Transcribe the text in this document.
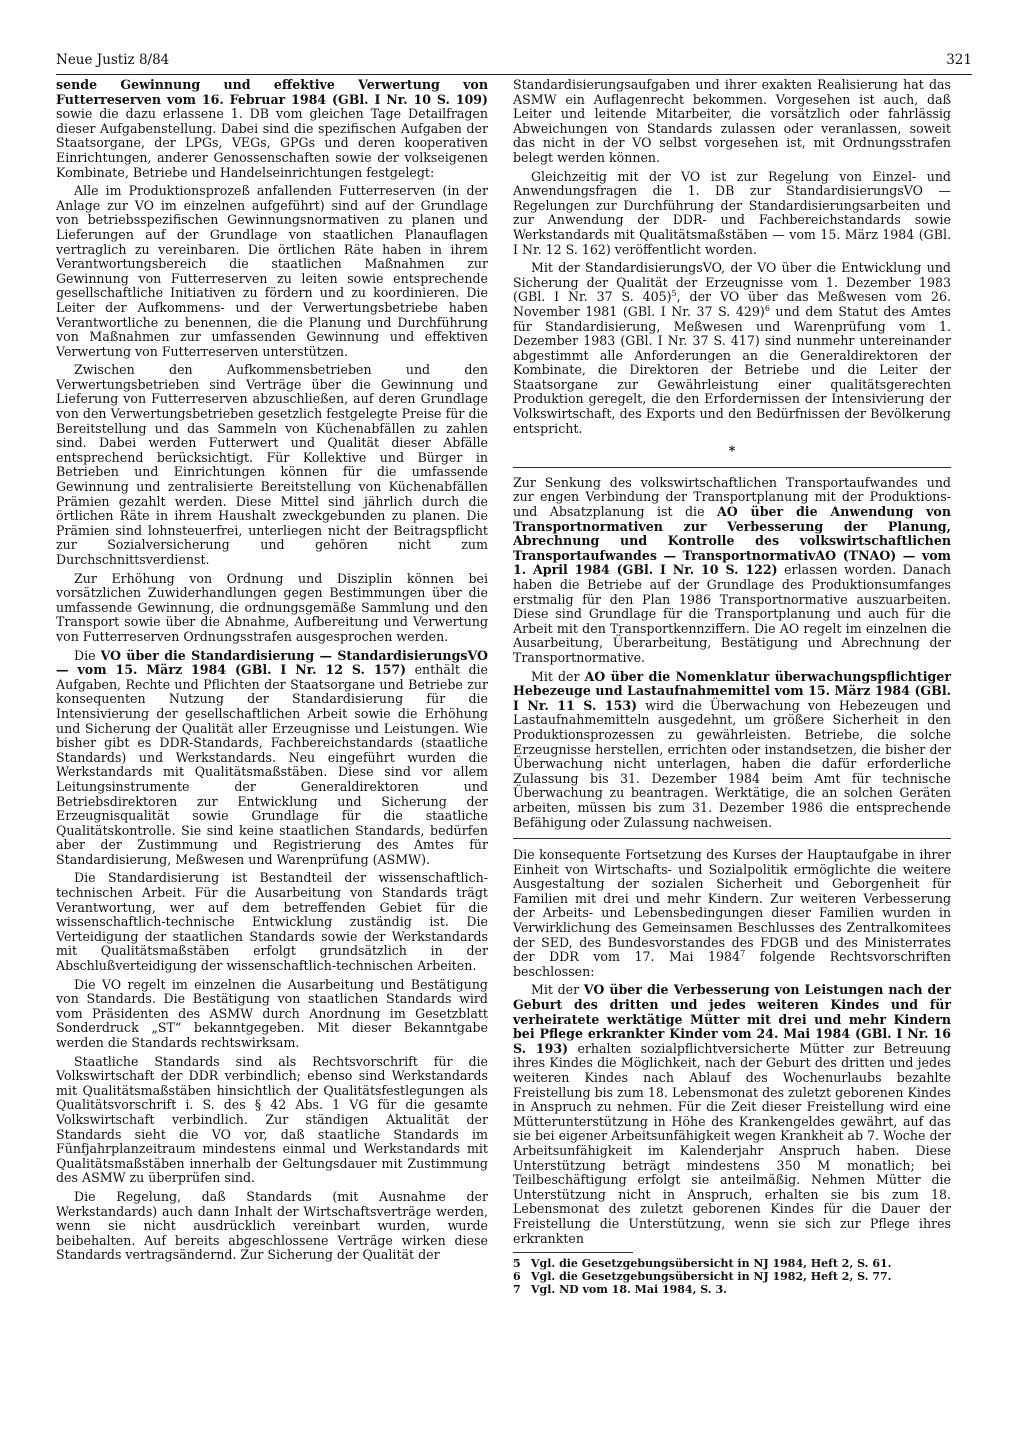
Neue Justiz 8/84	321

sende Gewinnung und effektive Verwertung von Futterreserven vom 16. Februar 1984 (GBl. I Nr. 10 S. 109) sowie die dazu erlassene 1. DB vom gleichen Tage Detailfragen dieser Aufgabenstellung. Dabei sind die spezifischen Aufgaben der Staatsorgane, der LPGs, VEGs, GPGs und deren kooperativen Einrichtungen, anderer Genossenschaften sowie der volkseigenen Kombinate, Betriebe und Handelseinrichtungen festgelegt:

Alle im Produktionsprozeß anfallenden Futterreserven (in der Anlage zur VO im einzelnen aufgeführt) sind auf der Grundlage von betriebsspezifischen Gewinnungsnormativen zu planen und Lieferungen auf der Grundlage von staatlichen Planauflagen vertraglich zu vereinbaren. Die örtlichen Räte haben in ihrem Verantwortungsbereich die staatlichen Maßnahmen zur Gewinnung von Futterreserven zu leiten sowie entsprechende gesellschaftliche Initiativen zu fördern und zu koordinieren. Die Leiter der Aufkommens- und der Verwertungsbetriebe haben Verantwortliche zu benennen, die die Planung und Durchführung von Maßnahmen zur umfassenden Gewinnung und effektiven Verwertung von Futterreserven unterstützen.

Zwischen den Aufkommensbetrieben und den Verwertungsbetrieben sind Verträge über die Gewinnung und Lieferung von Futterreserven abzuschließen, auf deren Grundlage von den Verwertungsbetrieben gesetzlich festgelegte Preise für die Bereitstellung und das Sammeln von Küchenabfällen zu zahlen sind. Dabei werden Futterwert und Qualität dieser Abfälle entsprechend berücksichtigt. Für Kollektive und Bürger in Betrieben und Einrichtungen können für die umfassende Gewinnung und zentralisierte Bereitstellung von Küchenabfällen Prämien gezahlt werden. Diese Mittel sind jährlich durch die örtlichen Räte in ihrem Haushalt zweckgebunden zu planen. Die Prämien sind lohnsteuerfrei, unterliegen nicht der Beitragspflicht zur Sozialversicherung und gehören nicht zum Durchschnittsverdienst.

Zur Erhöhung von Ordnung und Disziplin können bei vorsätzlichen Zuwiderhandlungen gegen Bestimmungen über die umfassende Gewinnung, die ordnungsgemäße Sammlung und den Transport sowie über die Abnahme, Aufbereitung und Verwertung von Futterreserven Ordnungsstrafen ausgesprochen werden.

Die VO über die Standardisierung — StandardisierungsVO — vom 15. März 1984 (GBl. I Nr. 12 S. 157) enthält die Aufgaben, Rechte und Pflichten der Staatsorgane und Betriebe zur konsequenten Nutzung der Standardisierung für die Intensivierung der gesellschaftlichen Arbeit sowie die Erhöhung und Sicherung der Qualität aller Erzeugnisse und Leistungen. Wie bisher gibt es DDR-Standards, Fachbereichstandards (staatliche Standards) und Werkstandards. Neu eingeführt wurden die Werkstandards mit Qualitätsmaßstäben. Diese sind vor allem Leitungsinstrumente der Generaldirektoren und Betriebsdirektoren zur Entwicklung und Sicherung der Erzeugnisqualität sowie Grundlage für die staatliche Qualitätskontrolle. Sie sind keine staatlichen Standards, bedürfen aber der Zustimmung und Registrierung des Amtes für Standardisierung, Meßwesen und Warenprüfung (ASMW).

Die Standardisierung ist Bestandteil der wissenschaftlich-technischen Arbeit. Für die Ausarbeitung von Standards trägt Verantwortung, wer auf dem betreffenden Gebiet für die wissenschaftlich-technische Entwicklung zuständig ist. Die Verteidigung der staatlichen Standards sowie der Werkstandards mit Qualitätsmaßstäben erfolgt grundsätzlich in der Abschlußverteidigung der wissenschaftlich-technischen Arbeiten.

Die VO regelt im einzelnen die Ausarbeitung und Bestätigung von Standards. Die Bestätigung von staatlichen Standards wird vom Präsidenten des ASMW durch Anordnung im Gesetzblatt Sonderdruck „ST“ bekanntgegeben. Mit dieser Bekanntgabe werden die Standards rechtswirksam.

Staatliche Standards sind als Rechtsvorschrift für die Volkswirtschaft der DDR verbindlich; ebenso sind Werkstandards mit Qualitätsmaßstäben hinsichtlich der Qualitätsfestlegungen als Qualitätsvorschrift i. S. des § 42 Abs. 1 VG für die gesamte Volkswirtschaft verbindlich. Zur ständigen Aktualität der Standards sieht die VO vor, daß staatliche Standards im Fünfjahrplanzeitraum mindestens einmal und Werkstandards mit Qualitätsmaßstäben innerhalb der Geltungsdauer mit Zustimmung des ASMW zu überprüfen sind.

Die Regelung, daß Standards (mit Ausnahme der Werkstandards) auch dann Inhalt der Wirtschaftsverträge werden, wenn sie nicht ausdrücklich vereinbart wurden, wurde beibehalten. Auf bereits abgeschlossene Verträge wirken diese Standards vertragsändernd. Zur Sicherung der Qualität der

Standardisierungsaufgaben und ihrer exakten Realisierung hat das ASMW ein Auflagenrecht bekommen. Vorgesehen ist auch, daß Leiter und leitende Mitarbeiter, die vorsätzlich oder fahrlässig Abweichungen von Standards zulassen oder veranlassen, soweit das nicht in der VO selbst vorgesehen ist, mit Ordnungsstrafen belegt werden können.

Gleichzeitig mit der VO ist zur Regelung von Einzel- und Anwendungsfragen die 1. DB zur StandardisierungsVO — Regelungen zur Durchführung der Standardisierungsarbeiten und zur Anwendung der DDR- und Fachbereichstandards sowie Werkstandards mit Qualitätsmaßstäben — vom 15. März 1984 (GBl. I Nr. 12 S. 162) veröffentlicht worden.

Mit der StandardisierungsVO, der VO über die Entwicklung und Sicherung der Qualität der Erzeugnisse vom 1. Dezember 1983 (GBl. I Nr. 37 S. 405)$^5$, der VO über das Meßwesen vom 26. November 1981 (GBl. I Nr. 37 S. 429)$^6$ und dem Statut des Amtes für Standardisierung, Meßwesen und Warenprüfung vom 1. Dezember 1983 (GBl. I Nr. 37 S. 417) sind nunmehr untereinander abgestimmt alle Anforderungen an die Generaldirektoren der Kombinate, die Direktoren der Betriebe und die Leiter der Staatsorgane zur Gewährleistung einer qualitätsgerechten Produktion geregelt, die den Erfordernissen der Intensivierung der Volkswirtschaft, des Exports und den Bedürfnissen der Bevölkerung entspricht.

*

Zur Senkung des volkswirtschaftlichen Transportaufwandes und zur engen Verbindung der Transportplanung mit der Produktions- und Absatzplanung ist die AO über die Anwendung von Transportnormativen zur Verbesserung der Planung, Abrechnung und Kontrolle des volkswirtschaftlichen Transportaufwandes — TransportnormativAO (TNAO) — vom 1. April 1984 (GBl. I Nr. 10 S. 122) erlassen worden. Danach haben die Betriebe auf der Grundlage des Produktionsumfanges erstmalig für den Plan 1986 Transportnormative auszuarbeiten. Diese sind Grundlage für die Transportplanung und auch für die Arbeit mit den Transportkennziffern. Die AO regelt im einzelnen die Ausarbeitung, Überarbeitung, Bestätigung und Abrechnung der Transportnormative.

Mit der AO über die Nomenklatur überwachungspflichtiger Hebezeuge und Lastaufnahmemittel vom 15. März 1984 (GBl. I Nr. 11 S. 153) wird die Überwachung von Hebezeugen und Lastaufnahmemitteln ausgedehnt, um größere Sicherheit in den Produktionsprozessen zu gewährleisten. Betriebe, die solche Erzeugnisse herstellen, errichten oder instandsetzen, die bisher der Überwachung nicht unterlagen, haben die dafür erforderliche Zulassung bis 31. Dezember 1984 beim Amt für technische Überwachung zu beantragen. Werktätige, die an solchen Geräten arbeiten, müssen bis zum 31. Dezember 1986 die entsprechende Befähigung oder Zulassung nachweisen.

Die konsequente Fortsetzung des Kurses der Hauptaufgabe in ihrer Einheit von Wirtschafts- und Sozialpolitik ermöglichte die weitere Ausgestaltung der sozialen Sicherheit und Geborgenheit für Familien mit drei und mehr Kindern. Zur weiteren Verbesserung der Arbeits- und Lebensbedingungen dieser Familien wurden in Verwirklichung des Gemeinsamen Beschlusses des Zentralkomitees der SED, des Bundesvorstandes des FDGB und des Ministerrates der DDR vom 17. Mai 1984$^7$ folgende Rechtsvorschriften beschlossen:

Mit der VO über die Verbesserung von Leistungen nach der Geburt des dritten und jedes weiteren Kindes und für verheiratete werktätige Mütter mit drei und mehr Kindern bei Pflege erkrankter Kinder vom 24. Mai 1984 (GBl. I Nr. 16 S. 193) erhalten sozialpflichtversicherte Mütter zur Betreuung ihres Kindes die Möglichkeit, nach der Geburt des dritten und jedes weiteren Kindes nach Ablauf des Wochenurlaubs bezahlte Freistellung bis zum 18. Lebensmonat des zuletzt geborenen Kindes in Anspruch zu nehmen. Für die Zeit dieser Freistellung wird eine Mütterunterstützung in Höhe des Krankengeldes gewährt, auf das sie bei eigener Arbeitsunfähigkeit wegen Krankheit ab 7. Woche der Arbeitsunfähigkeit im Kalenderjahr Anspruch haben. Diese Unterstützung beträgt mindestens 350 M monatlich; bei Teilbeschäftigung erfolgt sie anteilmäßig. Nehmen Mütter die Unterstützung nicht in Anspruch, erhalten sie bis zum 18. Lebensmonat des zuletzt geborenen Kindes für die Dauer der Freistellung die Unterstützung, wenn sie sich zur Pflege ihres erkrankten

5 Vgl. die Gesetzgebungsübersicht in NJ 1984, Heft 2, S. 61.

6 Vgl. die Gesetzgebungsübersicht in NJ 1982, Heft 2, S. 77.

7 Vgl. ND vom 18. Mai 1984, S. 3.
